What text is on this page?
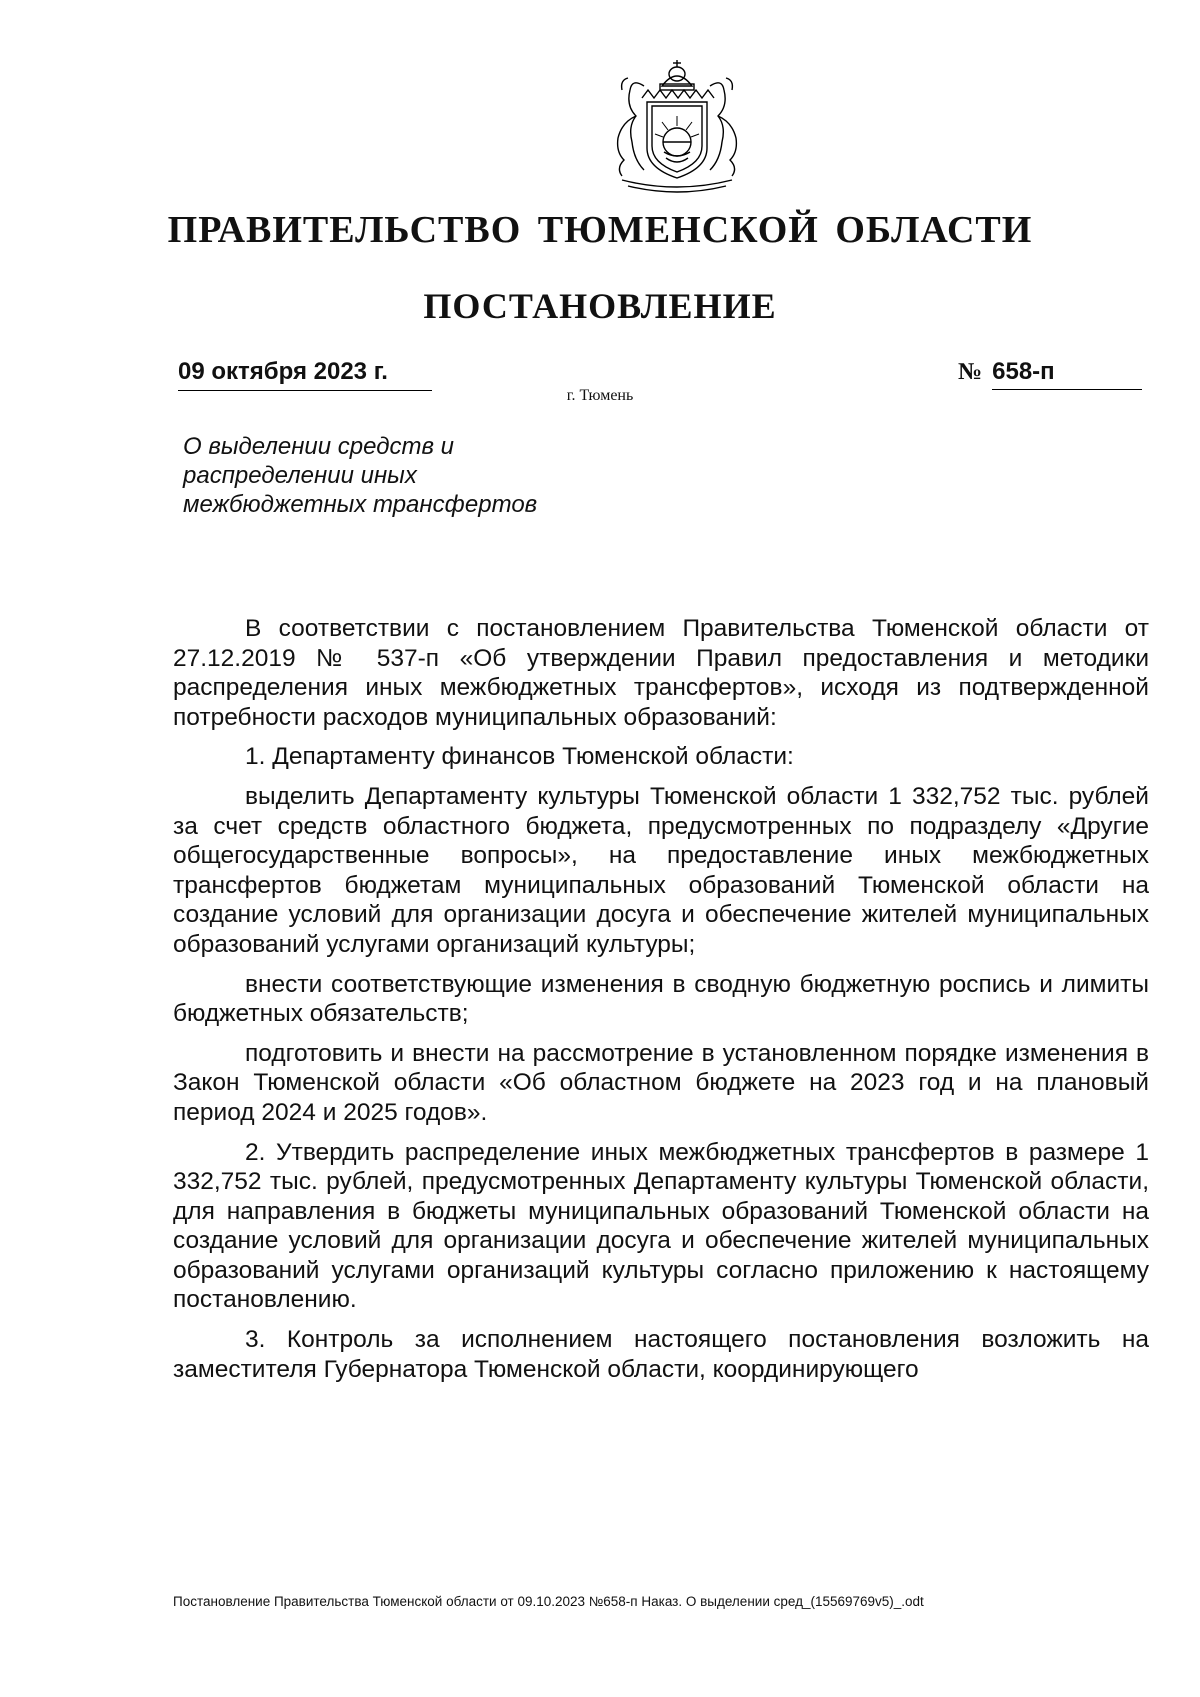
ПРАВИТЕЛЬСТВО ТЮМЕНСКОЙ ОБЛАСТИ
ПОСТАНОВЛЕНИЕ
09 октября 2023 г.	№ 658-п
г. Тюмень
О выделении средств и
распределении иных
межбюджетных трансфертов

В соответствии с постановлением Правительства Тюменской области от 27.12.2019 № 537-п «Об утверждении Правил предоставления и методики распределения иных межбюджетных трансфертов», исходя из подтвержденной потребности расходов муниципальных образований:

1. Департаменту финансов Тюменской области:

выделить Департаменту культуры Тюменской области 1 332,752 тыс. рублей за счет средств областного бюджета, предусмотренных по подразделу «Другие общегосударственные вопросы», на предоставление иных межбюджетных трансфертов бюджетам муниципальных образований Тюменской области на создание условий для организации досуга и обеспечение жителей муниципальных образований услугами организаций культуры;

внести соответствующие изменения в сводную бюджетную роспись и лимиты бюджетных обязательств;

подготовить и внести на рассмотрение в установленном порядке изменения в Закон Тюменской области «Об областном бюджете на 2023 год и на плановый период 2024 и 2025 годов».

2. Утвердить распределение иных межбюджетных трансфертов в размере 1 332,752 тыс. рублей, предусмотренных Департаменту культуры Тюменской области, для направления в бюджеты муниципальных образований Тюменской области на создание условий для организации досуга и обеспечение жителей муниципальных образований услугами организаций культуры согласно приложению к настоящему постановлению.

3. Контроль за исполнением настоящего постановления возложить на заместителя Губернатора Тюменской области, координирующего

Постановление Правительства Тюменской области от 09.10.2023 №658-п Наказ. О выделении сред_(15569769v5)_.odt
